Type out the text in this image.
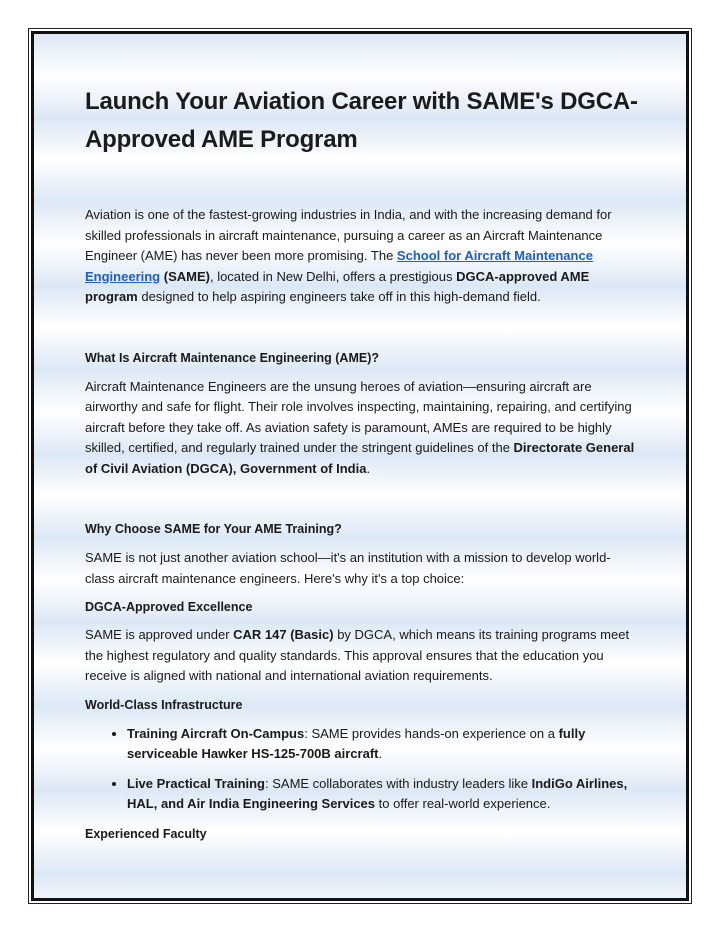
Launch Your Aviation Career with SAME's DGCA-Approved AME Program

Aviation is one of the fastest-growing industries in India, and with the increasing demand for skilled professionals in aircraft maintenance, pursuing a career as an Aircraft Maintenance Engineer (AME) has never been more promising. The School for Aircraft Maintenance Engineering (SAME), located in New Delhi, offers a prestigious DGCA-approved AME program designed to help aspiring engineers take off in this high-demand field.

What Is Aircraft Maintenance Engineering (AME)?

Aircraft Maintenance Engineers are the unsung heroes of aviation—ensuring aircraft are airworthy and safe for flight. Their role involves inspecting, maintaining, repairing, and certifying aircraft before they take off. As aviation safety is paramount, AMEs are required to be highly skilled, certified, and regularly trained under the stringent guidelines of the Directorate General of Civil Aviation (DGCA), Government of India.

Why Choose SAME for Your AME Training?

SAME is not just another aviation school—it's an institution with a mission to develop world-class aircraft maintenance engineers. Here's why it's a top choice:

DGCA-Approved Excellence

SAME is approved under CAR 147 (Basic) by DGCA, which means its training programs meet the highest regulatory and quality standards. This approval ensures that the education you receive is aligned with national and international aviation requirements.

World-Class Infrastructure

• Training Aircraft On-Campus: SAME provides hands-on experience on a fully serviceable Hawker HS-125-700B aircraft.
• Live Practical Training: SAME collaborates with industry leaders like IndiGo Airlines, HAL, and Air India Engineering Services to offer real-world experience.

Experienced Faculty
